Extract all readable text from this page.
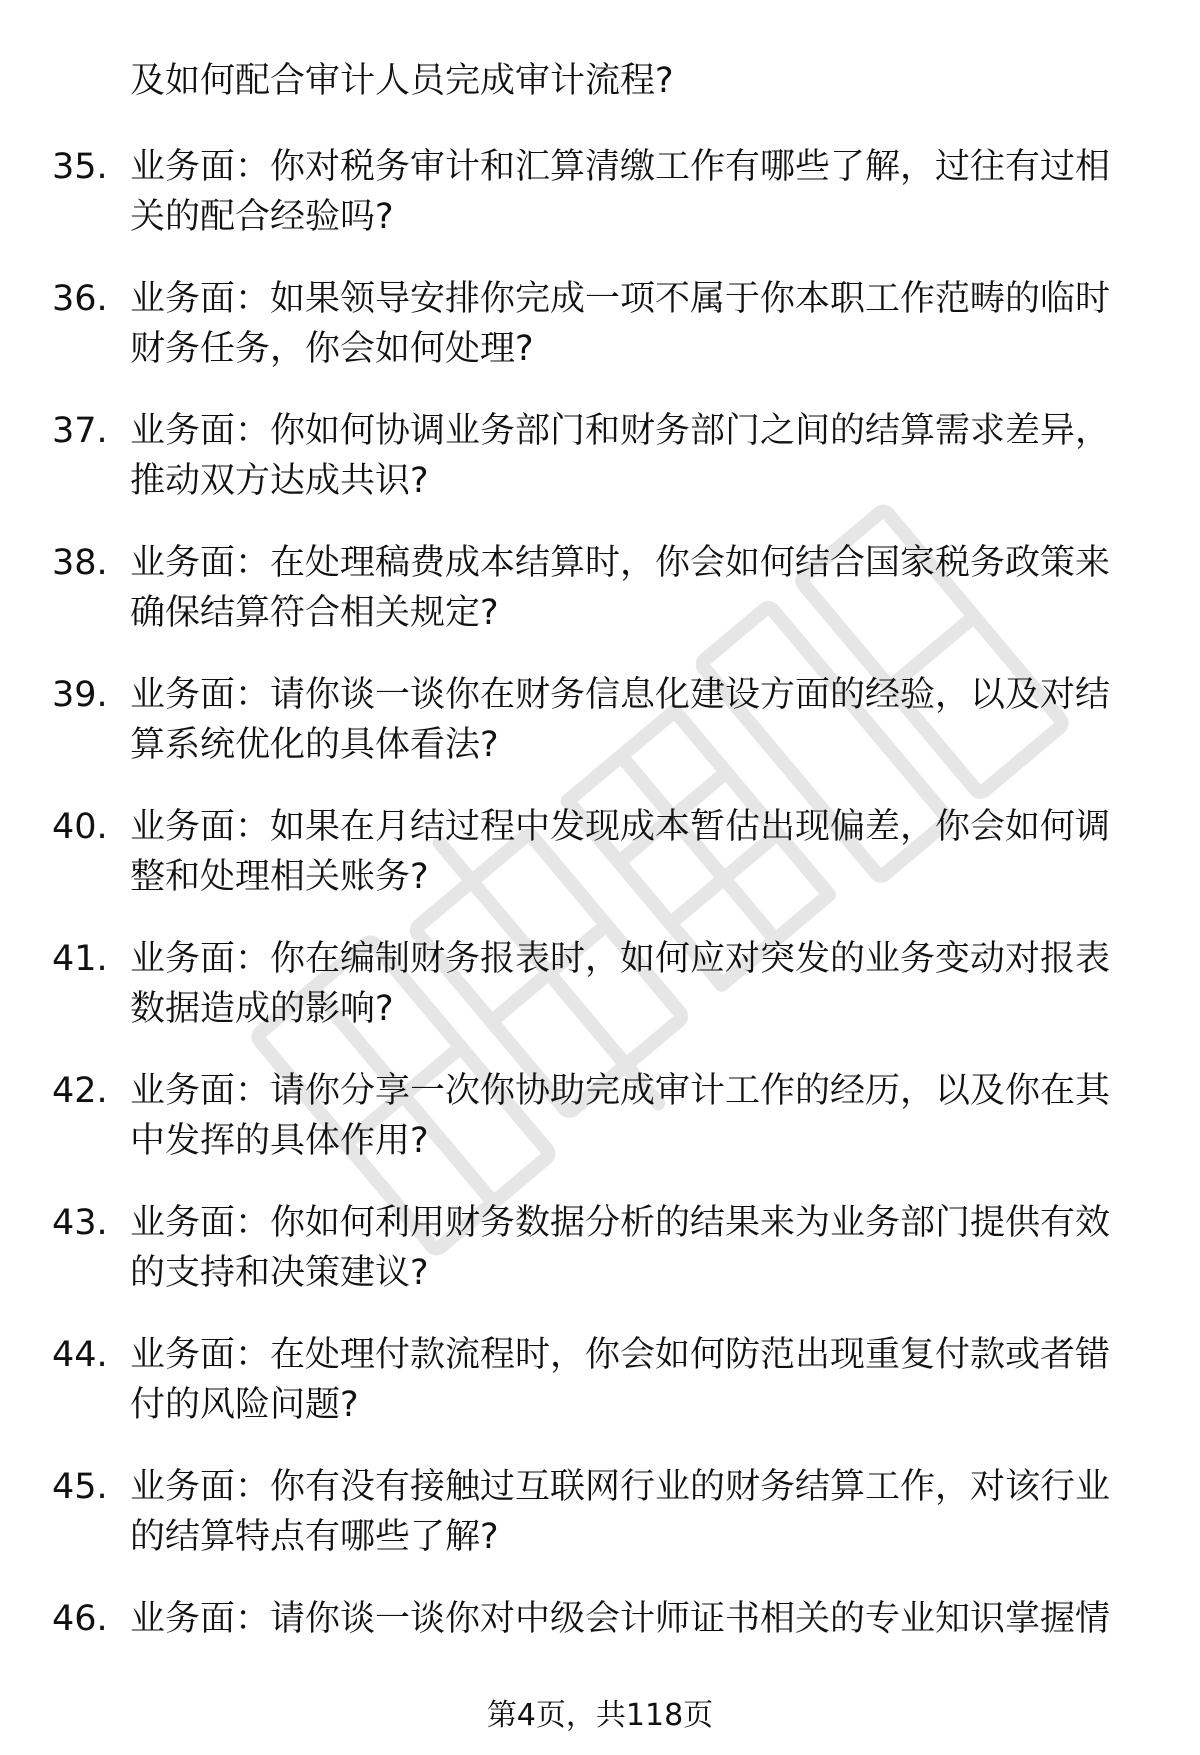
及如何配合审计人员完成审计流程?
35. 业务面：你对税务审计和汇算清缴工作有哪些了解，过往有过相
关的配合经验吗?
36. 业务面：如果领导安排你完成一项不属于你本职工作范畴的临时
财务任务，你会如何处理?
37. 业务面：你如何协调业务部门和财务部门之间的结算需求差异，
推动双方达成共识?
38. 业务面：在处理稿费成本结算时，你会如何结合国家税务政策来
确保结算符合相关规定?
39. 业务面：请你谈一谈你在财务信息化建设方面的经验，以及对结
算系统优化的具体看法?
40. 业务面：如果在月结过程中发现成本暂估出现偏差，你会如何调
整和处理相关账务?
41. 业务面：你在编制财务报表时，如何应对突发的业务变动对报表
数据造成的影响?
42. 业务面：请你分享一次你协助完成审计工作的经历，以及你在其
中发挥的具体作用?
43. 业务面：你如何利用财务数据分析的结果来为业务部门提供有效
的支持和决策建议?
44. 业务面：在处理付款流程时，你会如何防范出现重复付款或者错
付的风险问题?
45. 业务面：你有没有接触过互联网行业的财务结算工作，对该行业
的结算特点有哪些了解?
46. 业务面：请你谈一谈你对中级会计师证书相关的专业知识掌握情
第4页，共118页
